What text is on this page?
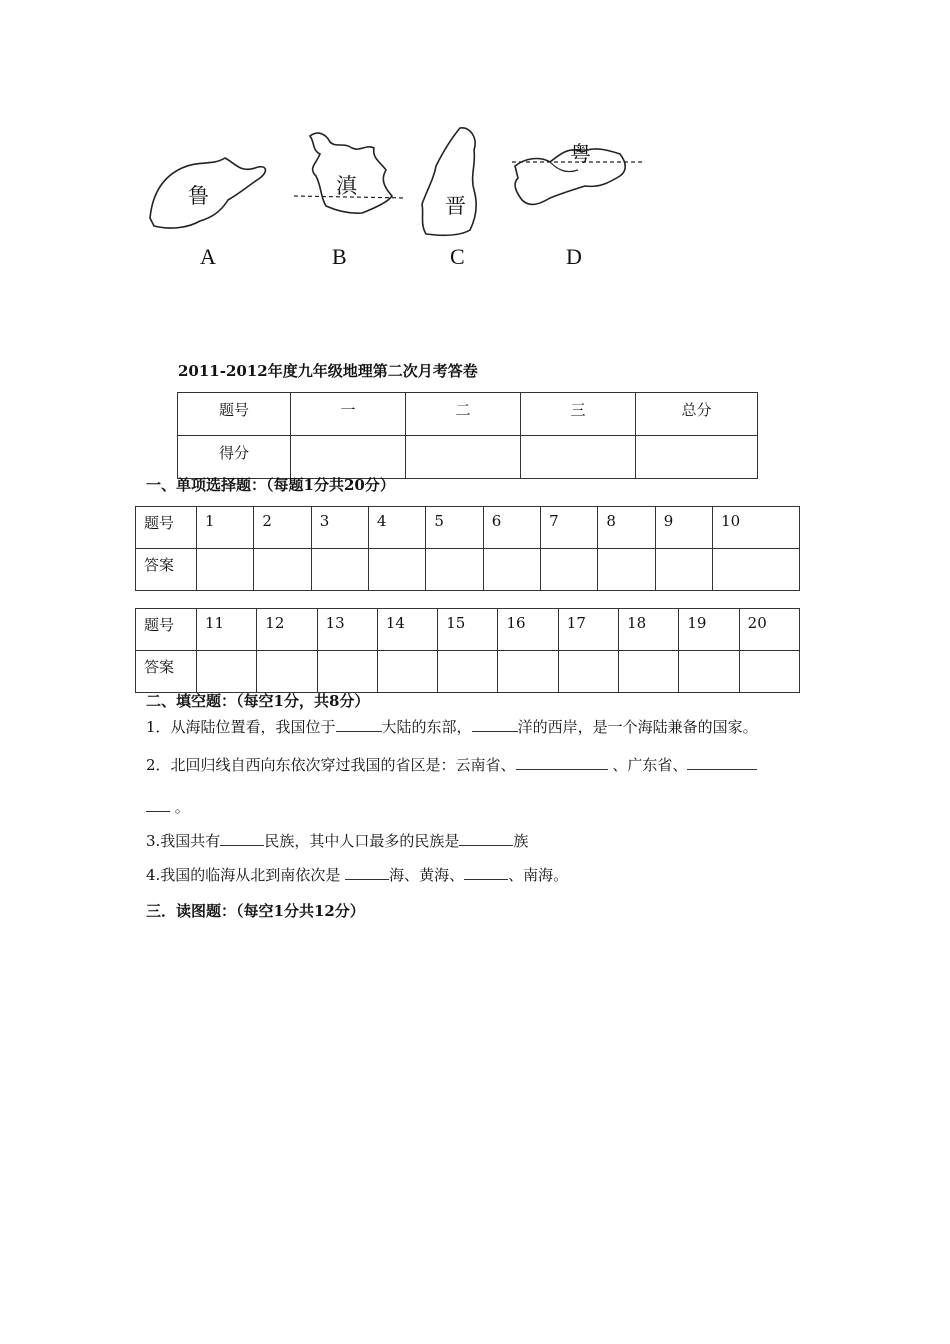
鲁	滇
晋
粤
A	B	C	D
2011-2012年度九年级地理第二次月考答卷
题号	一	二	三	总分
得分				
一、单项选择题：（每题1分共20分）
题号	1	2	3	4	5	6	7	8	9	10
答案										
题号	11	12	13	14	15	16	17	18	19	20
答案										
二、填空题：（每空1分，共8分）
1．从海陆位置看，我国位于	大陆的东部，	洋的西岸，是一个海陆兼备的国家。
2．北回归线自西向东依次穿过我国的省区是：云南省、	、广东省、
。
3.我国共有	民族，其中人口最多的民族是	族
4.我国的临海从北到南依次是	海、黄海、	、南海。
三．读图题：（每空1分共12分）
